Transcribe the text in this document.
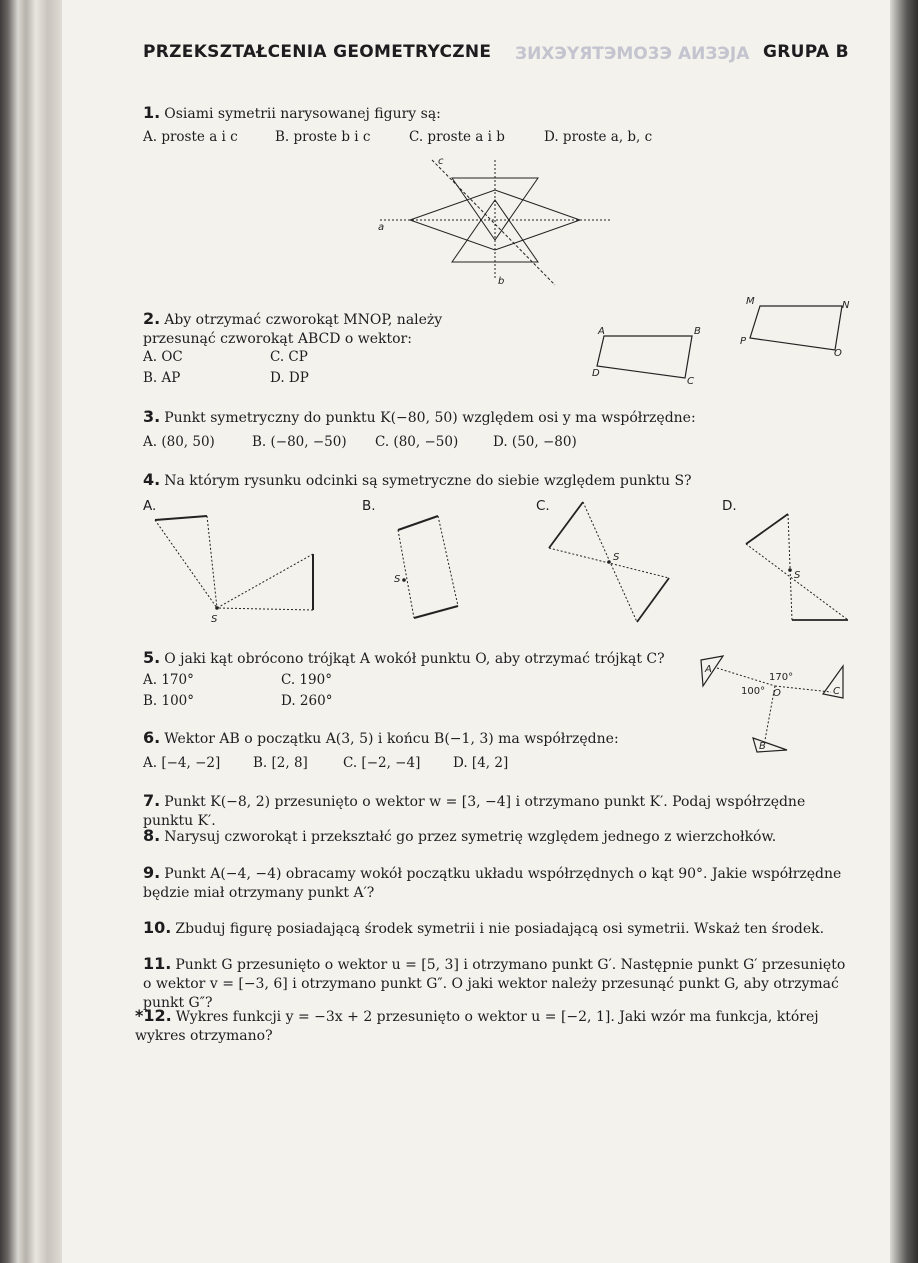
PRZEKSZTAŁCENIA GEOMETRYCZNE ЗИХЭYЯТЭМО3Э AИЗЭJA GRUPA B
1. Osiami symetrii narysowanej figury są:
A. proste a i c	B. proste b i c	C. proste a i b	D. proste a, b, c
a
b
c
2. Aby otrzymać czworokąt MNOP, należy przesunąć czworokąt ABCD o wektor:
A. OC	C. CP
B. AP	D. DP
A	B
C
D
M	N
O
P
3. Punkt symetryczny do punktu K(−80, 50) względem osi y ma współrzędne:
A. (80, 50)	B. (−80, −50) C. (80, −50)	D. (50, −80)
4. Na którym rysunku odcinki są symetryczne do siebie względem punktu S?
A.	B.	C.	D.
S
S
S
S
5. O jaki kąt obrócono trójkąt A wokół punktu O, aby otrzymać trójkąt C?
A. 170°	C. 190°
B. 100°	D. 260°
A
B
C
O
170°
100°
6. Wektor AB o początku A(3, 5) i końcu B(−1, 3) ma współrzędne:
A. [−4, −2] B. [2, 8]	C. [−2, −4] D. [4, 2]
7. Punkt K(−8, 2) przesunięto o wektor w = [3, −4] i otrzymano punkt K′. Podaj współrzędne punktu K′.
8. Narysuj czworokąt i przekształć go przez symetrię względem jednego z wierzchołków.
9. Punkt A(−4, −4) obracamy wokół początku układu współrzędnych o kąt 90°. Jakie współrzędne będzie miał otrzymany punkt A′?
10. Zbuduj figurę posiadającą środek symetrii i nie posiadającą osi symetrii. Wskaż ten środek.
11. Punkt G przesunięto o wektor u = [5, 3] i otrzymano punkt G′. Następnie punkt G′ przesunięto o wektor v = [−3, 6] i otrzymano punkt G″. O jaki wektor należy przesunąć punkt G, aby otrzymać punkt G″?
*12. Wykres funkcji y = −3x + 2 przesunięto o wektor u = [−2, 1]. Jaki wzór ma funkcja, której wykres otrzymano?
